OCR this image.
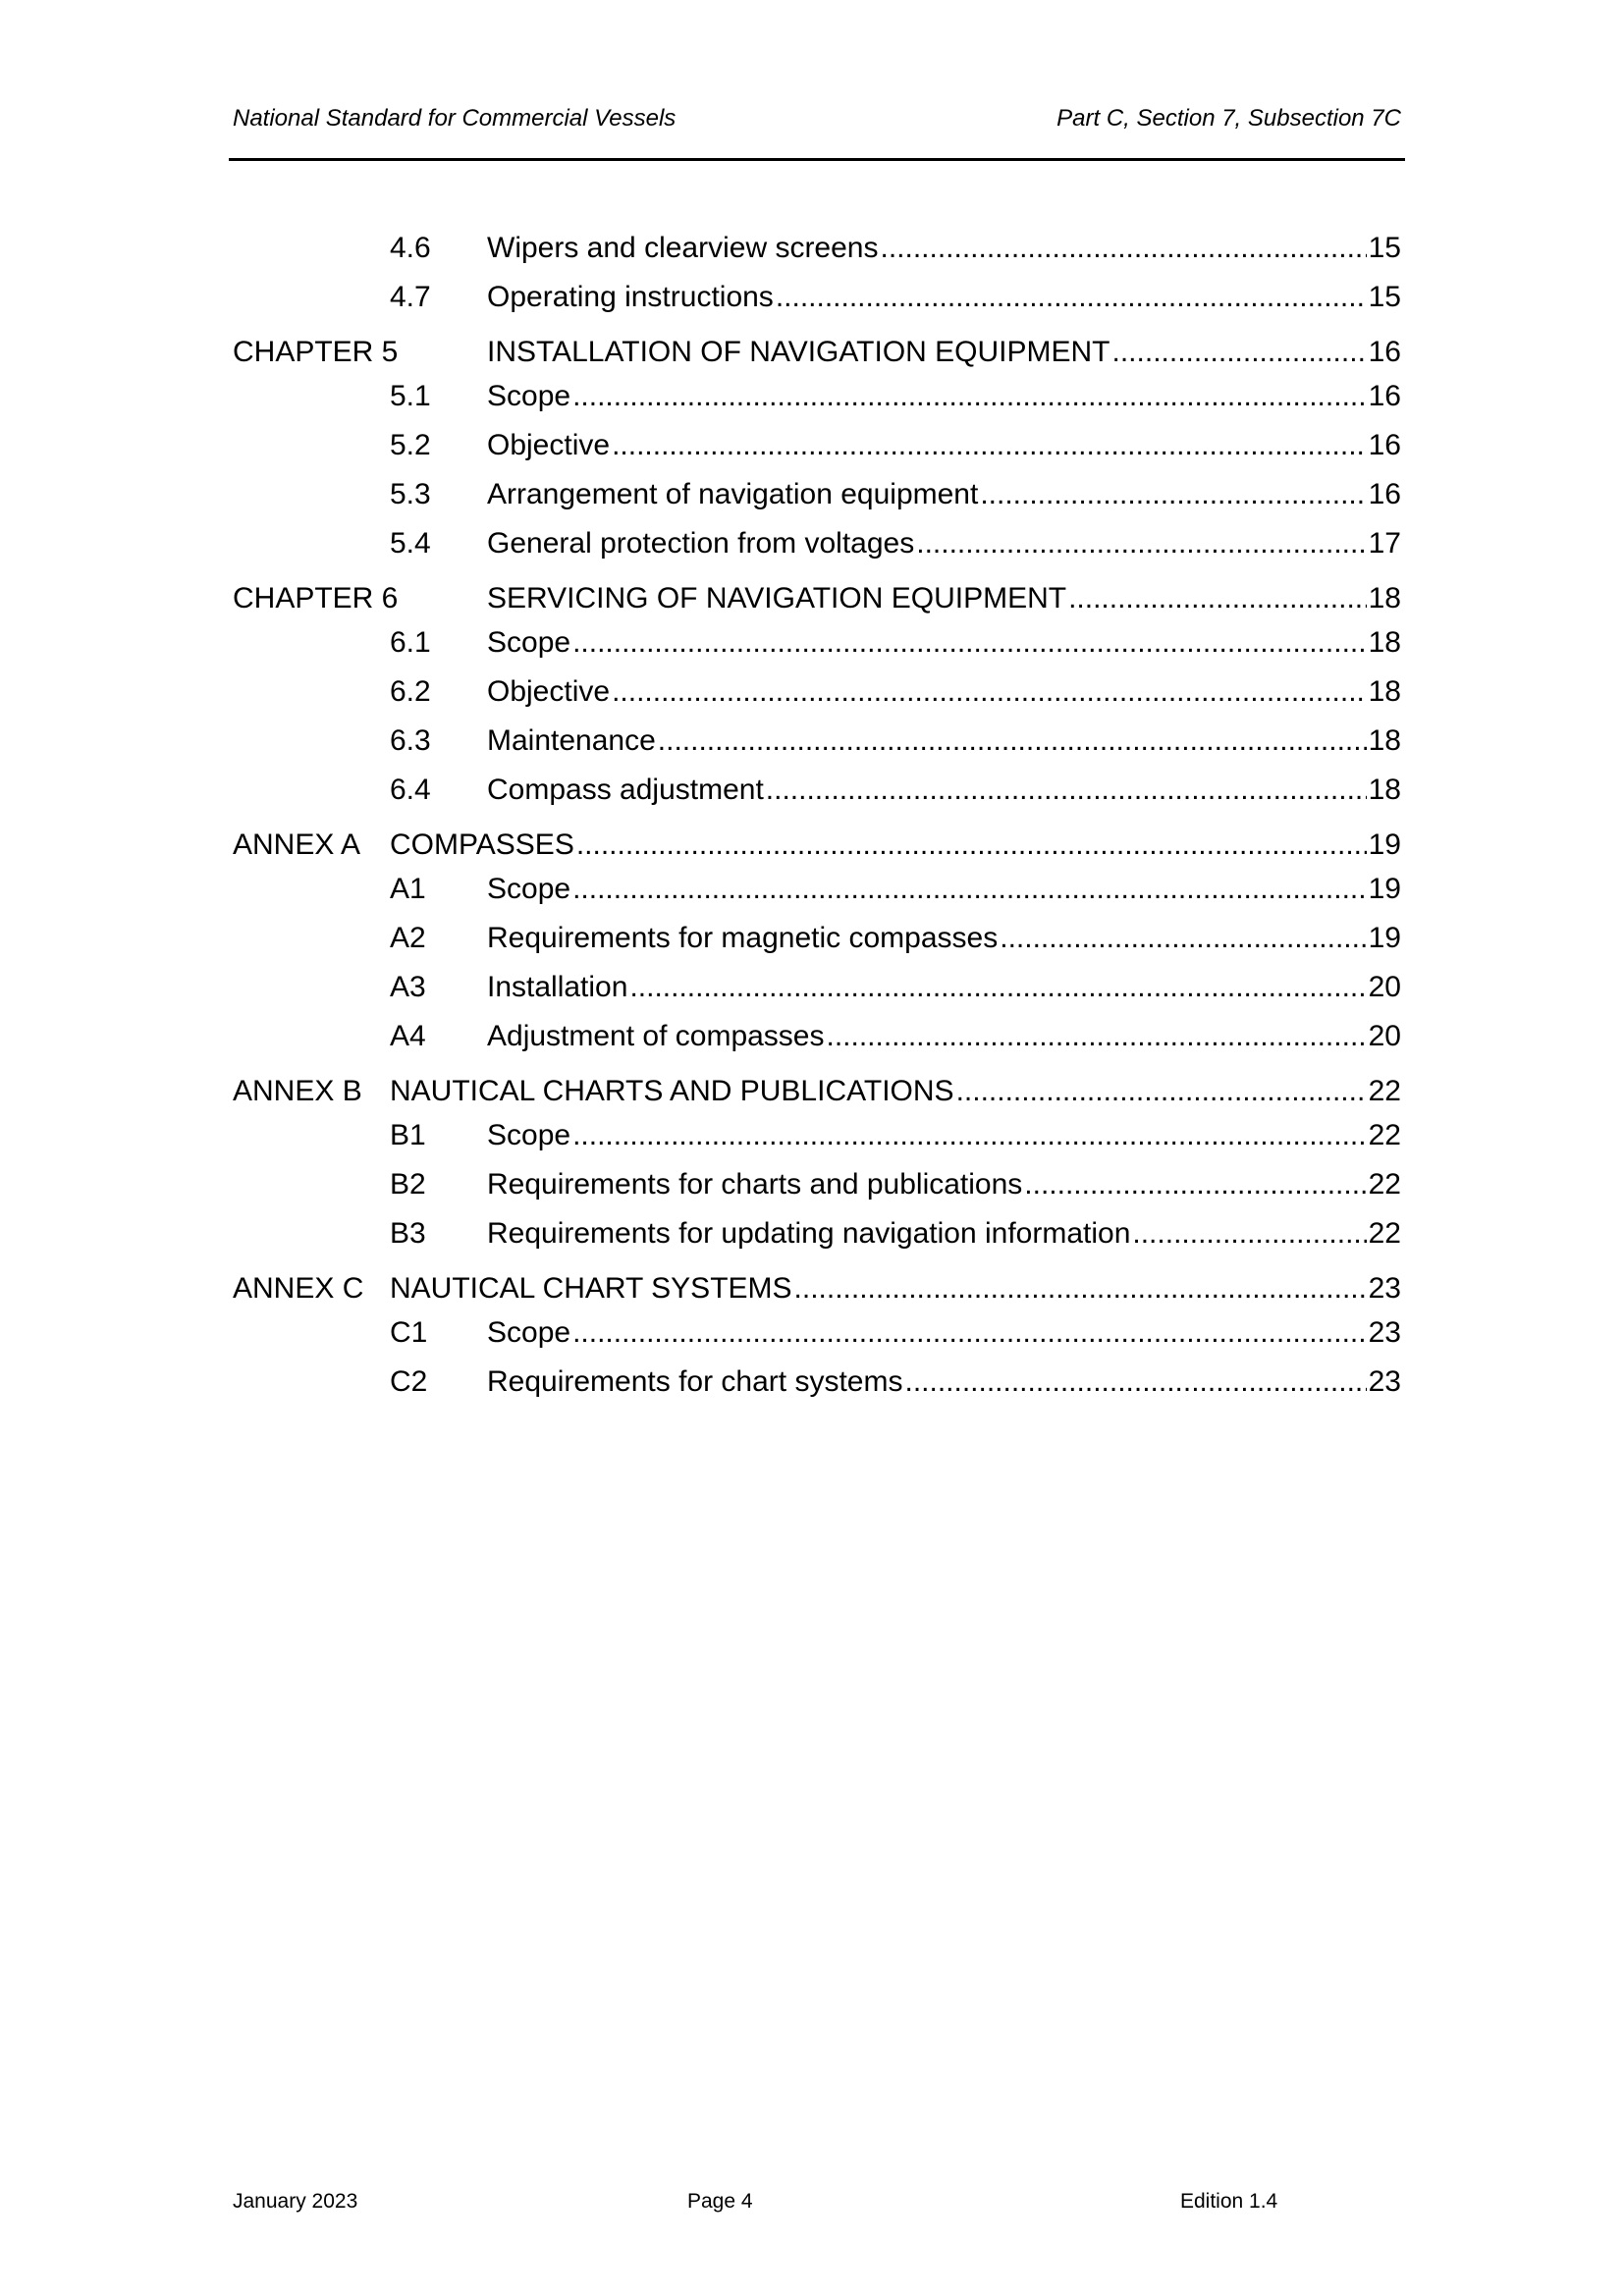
National Standard for Commercial Vessels	Part C, Section 7, Subsection 7C
4.6 Wipers and clearview screens .....	15
4.7 Operating instructions .....	15
CHAPTER 5	INSTALLATION OF NAVIGATION EQUIPMENT .....	16
5.1 Scope .....	16
5.2 Objective .....	16
5.3 Arrangement of navigation equipment .....	16
5.4 General protection from voltages .....	17
CHAPTER 6	SERVICING OF NAVIGATION EQUIPMENT .....	18
6.1 Scope .....	18
6.2 Objective .....	18
6.3 Maintenance .....	18
6.4 Compass adjustment .....	18
ANNEX A COMPASSES .....	19
A1 Scope .....	19
A2 Requirements for magnetic compasses .....	19
A3 Installation .....	20
A4 Adjustment of compasses .....	20
ANNEX B NAUTICAL CHARTS AND PUBLICATIONS .....	22
B1 Scope .....	22
B2 Requirements for charts and publications .....	22
B3 Requirements for updating navigation information .....	22
ANNEX C NAUTICAL CHART SYSTEMS .....	23
C1 Scope .....	23
C2 Requirements for chart systems .....	23
January 2023	Page 4	Edition 1.4
